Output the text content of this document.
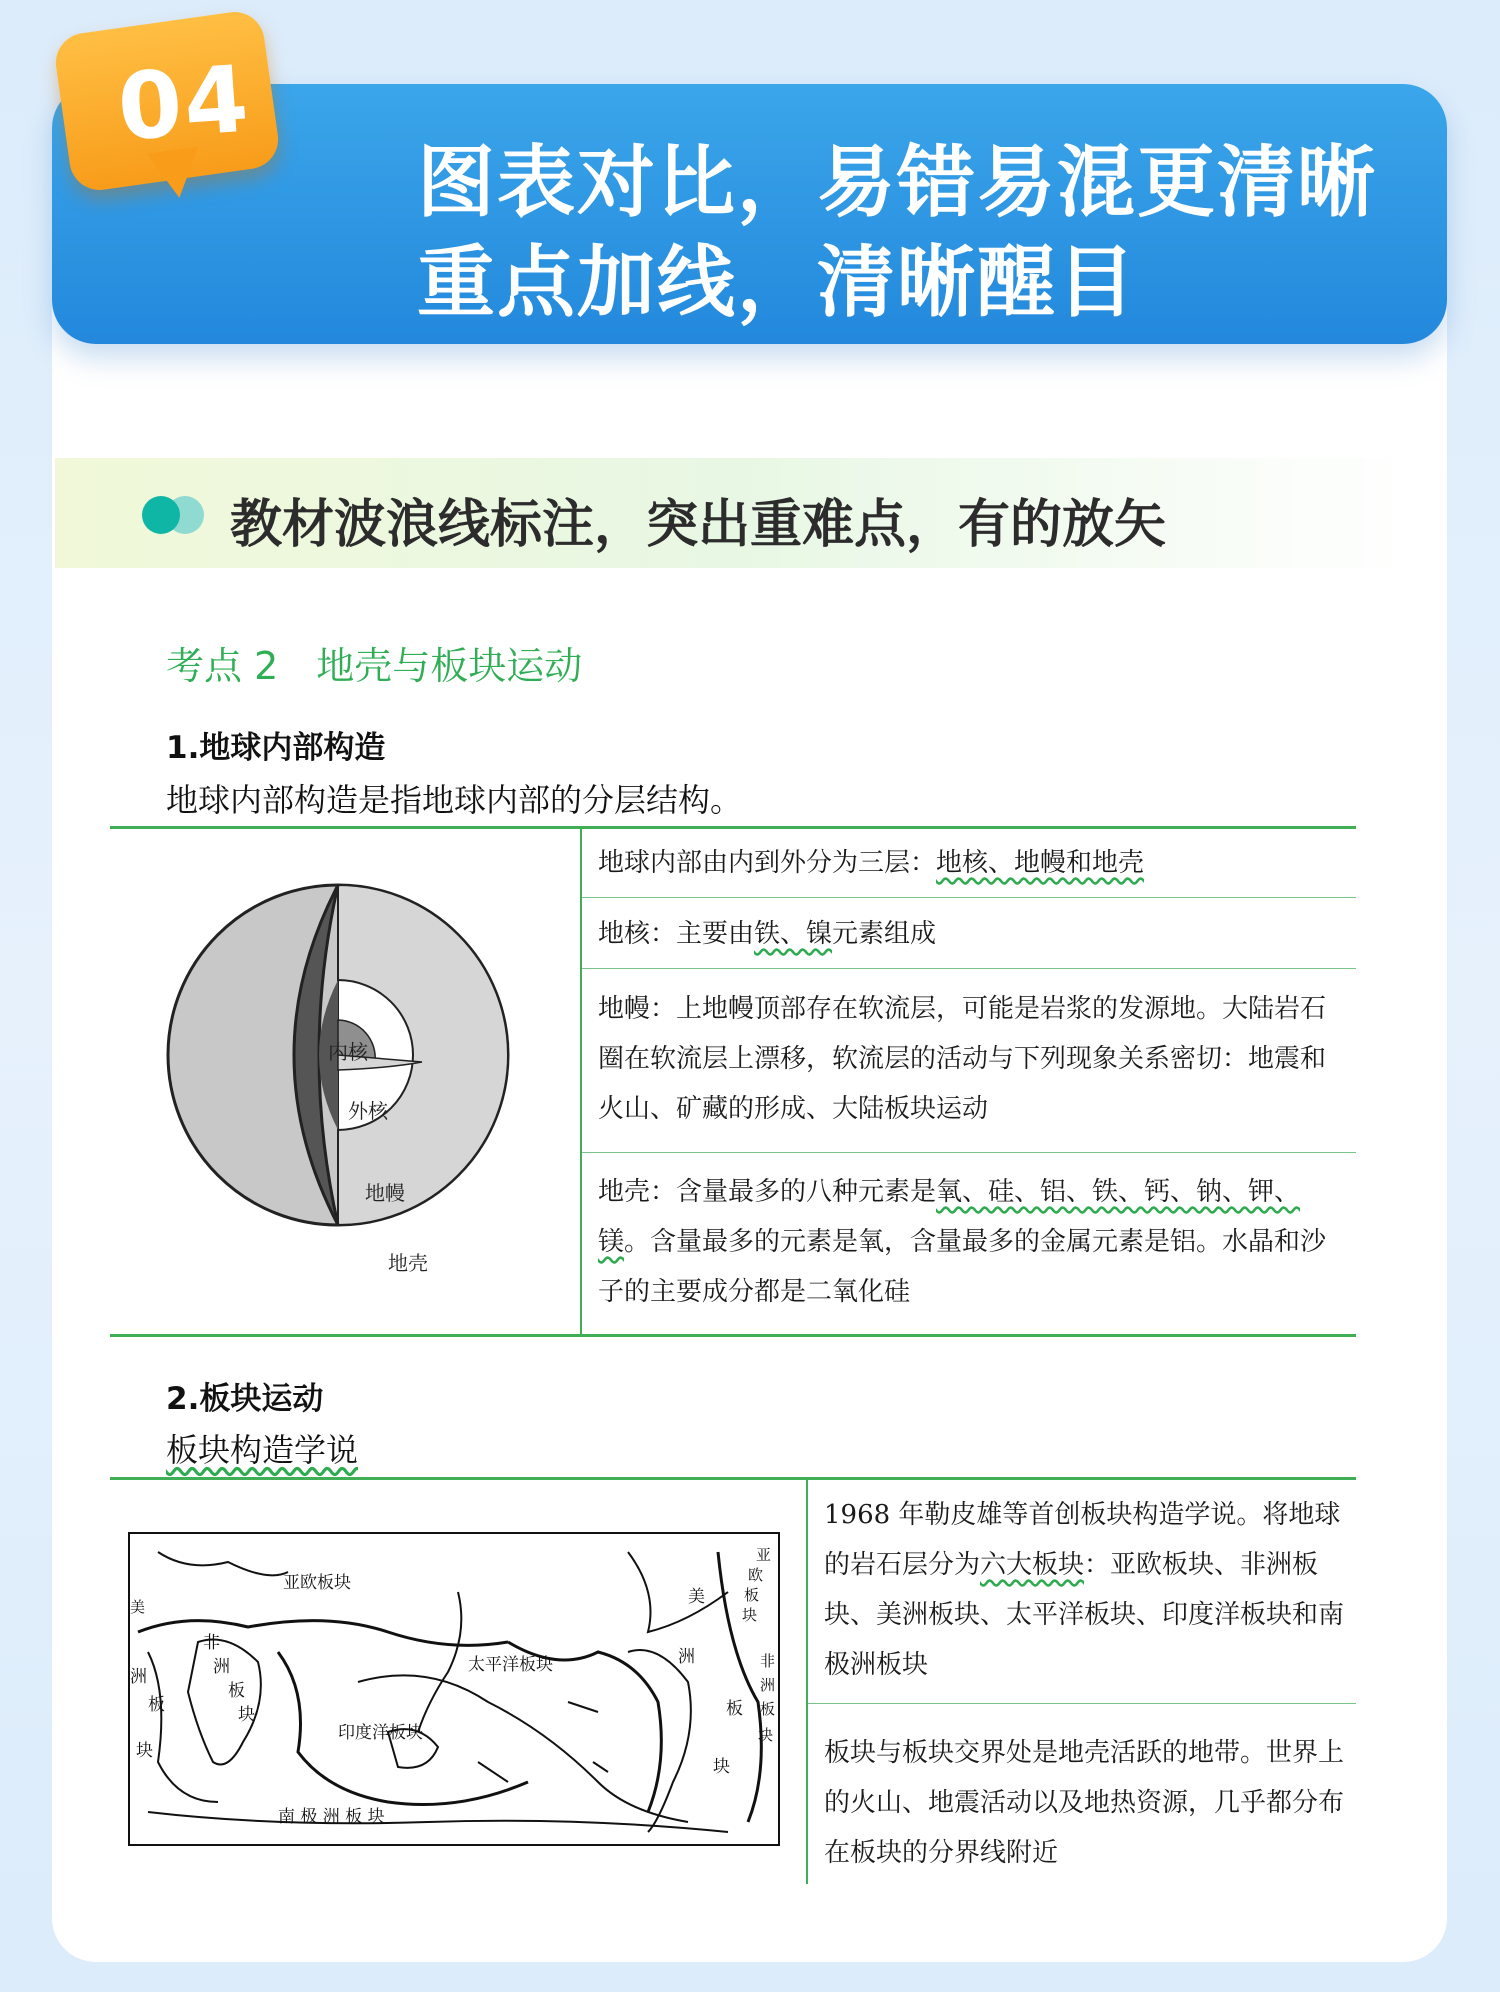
图表对比，易错易混更清晰
重点加线，清晰醒目
04
教材波浪线标注，突出重难点，有的放矢
考点 2　地壳与板块运动
1.地球内部构造
地球内部构造是指地球内部的分层结构。
内核
外核
地幔
地壳
地球内部由内到外分为三层：地核、地幔和地壳
地核：主要由铁、镍元素组成
地幔：上地幔顶部存在软流层，可能是岩浆的发源地。大陆岩石圈在软流层上漂移，软流层的活动与下列现象关系密切：地震和火山、矿藏的形成、大陆板块运动
地壳：含量最多的八种元素是氧、硅、铝、铁、钙、钠、钾、镁。含量最多的元素是氧，含量最多的金属元素是铝。水晶和沙子的主要成分都是二氧化硅
2.板块运动
板块构造学说
亚欧板块
太平洋板块
印度洋板块
南 极 洲 板 块
非
洲
板
块
美
洲
板
块
美
洲
板
块
亚
欧
板
块
非
洲
板
块
1968 年勒皮雄等首创板块构造学说。将地球的岩石层分为六大板块：亚欧板块、非洲板块、美洲板块、太平洋板块、印度洋板块和南极洲板块
板块与板块交界处是地壳活跃的地带。世界上的火山、地震活动以及地热资源，几乎都分布在板块的分界线附近
